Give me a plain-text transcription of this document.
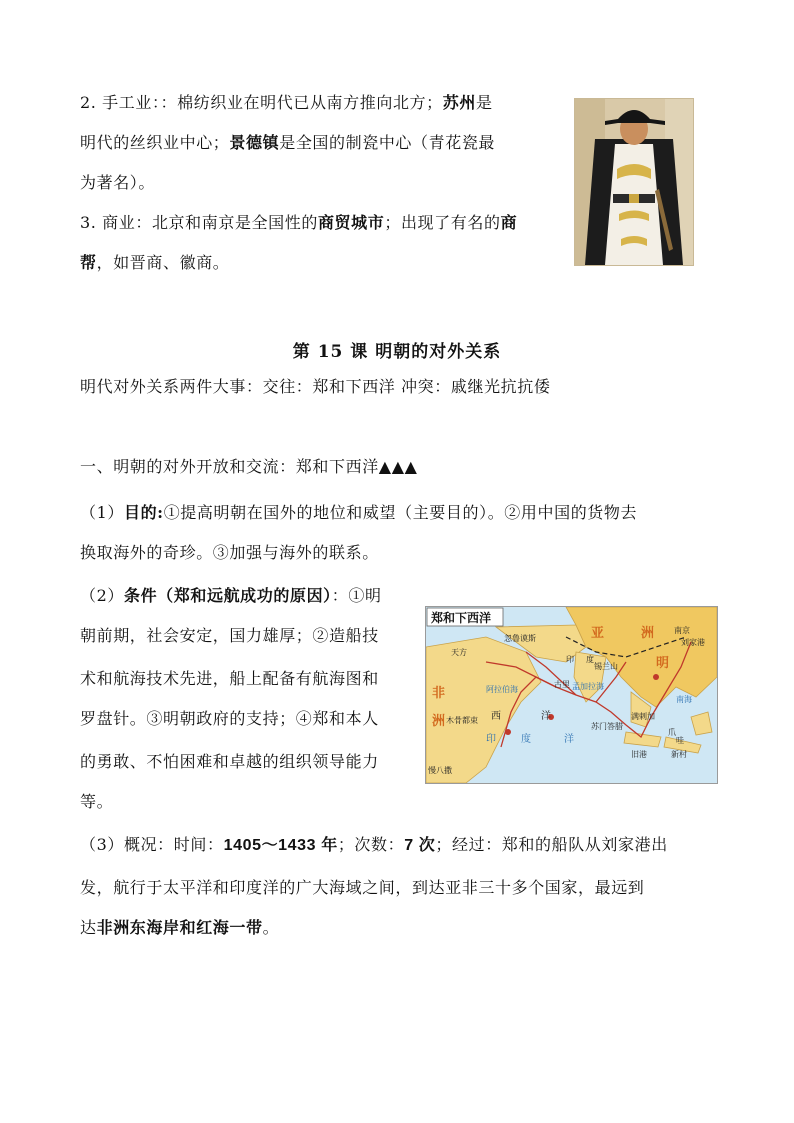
2. 手工业：：棉纺织业在明代已从南方推向北方；苏州是
明代的丝织业中心；景德镇是全国的制瓷中心（青花瓷最
为著名）。
3. 商业：北京和南京是全国性的商贸城市；出现了有名的商
帮，如晋商、徽商。
第 15 课 明朝的对外关系
明代对外关系两件大事：交往：郑和下西洋 冲突：戚继光抗抗倭
一、明朝的对外开放和交流：郑和下西洋▲▲▲
（1）目的:①提高明朝在国外的地位和威望（主要目的）。②用中国的货物去
换取海外的奇珍。③加强与海外的联系。
（2）条件（郑和远航成功的原因）：①明
朝前期，社会安定，国力雄厚；②造船技
术和航海技术先进，船上配备有航海图和
罗盘针。③明朝政府的支持；④郑和本人
的勇敢、不怕困难和卓越的组织领导能力
等。
（3）概况：时间：1405～1433 年；次数：7 次；经过：郑和的船队从刘家港出
发，航行于太平洋和印度洋的广大海域之间，到达亚非三十多个国家，最远到
达非洲东海岸和红海一带。
郑和下西洋
忽鲁谟斯
南京
刘家港
天方
印 度
锡兰山
阿拉伯海
古里 孟加拉海
木骨都束 西	洋
苏门答腊
满剌加
南海
印	度	洋
慢八撒
旧港	新村
爪
哇
亚	洲
明
非
洲
